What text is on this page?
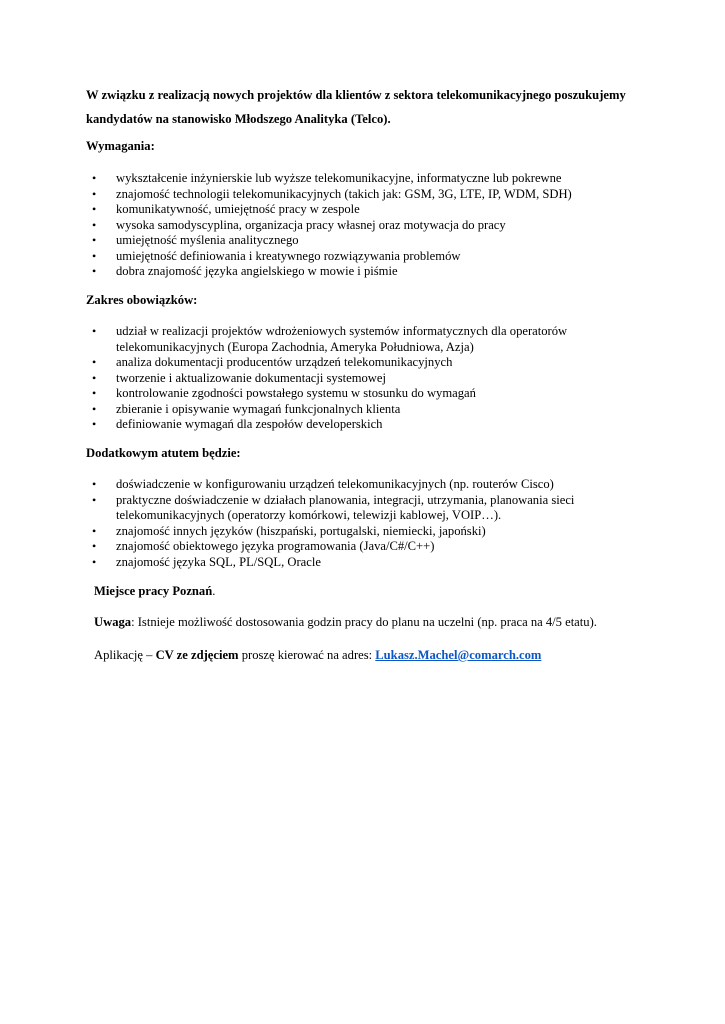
W związku z realizacją nowych projektów dla klientów z sektora telekomunikacyjnego poszukujemy kandydatów na stanowisko Młodszego Analityka (Telco).

Wymagania:

• wykształcenie inżynierskie lub wyższe telekomunikacyjne, informatyczne lub pokrewne
• znajomość technologii telekomunikacyjnych (takich jak: GSM, 3G, LTE, IP, WDM, SDH)
• komunikatywność, umiejętność pracy w zespole
• wysoka samodyscyplina, organizacja pracy własnej oraz motywacja do pracy
• umiejętność myślenia analitycznego
• umiejętność definiowania i kreatywnego rozwiązywania problemów
• dobra znajomość języka angielskiego w mowie i piśmie

Zakres obowiązków:

• udział w realizacji projektów wdrożeniowych systemów informatycznych dla operatorów telekomunikacyjnych (Europa Zachodnia, Ameryka Południowa, Azja)
• analiza dokumentacji producentów urządzeń telekomunikacyjnych
• tworzenie i aktualizowanie dokumentacji systemowej
• kontrolowanie zgodności powstałego systemu w stosunku do wymagań
• zbieranie i opisywanie wymagań funkcjonalnych klienta
• definiowanie wymagań dla zespołów developerskich

Dodatkowym atutem będzie:

• doświadczenie w konfigurowaniu urządzeń telekomunikacyjnych (np. routerów Cisco)
• praktyczne doświadczenie w działach planowania, integracji, utrzymania, planowania sieci telekomunikacyjnych (operatorzy komórkowi, telewizji kablowej, VOIP…).
• znajomość innych języków (hiszpański, portugalski, niemiecki, japoński)
• znajomość obiektowego języka programowania (Java/C#/C++)
• znajomość języka SQL, PL/SQL, Oracle

Miejsce pracy Poznań.

Uwaga: Istnieje możliwość dostosowania godzin pracy do planu na uczelni (np. praca na 4/5 etatu).

Aplikację – CV ze zdjęciem proszę kierować na adres: Lukasz.Machel@comarch.com
